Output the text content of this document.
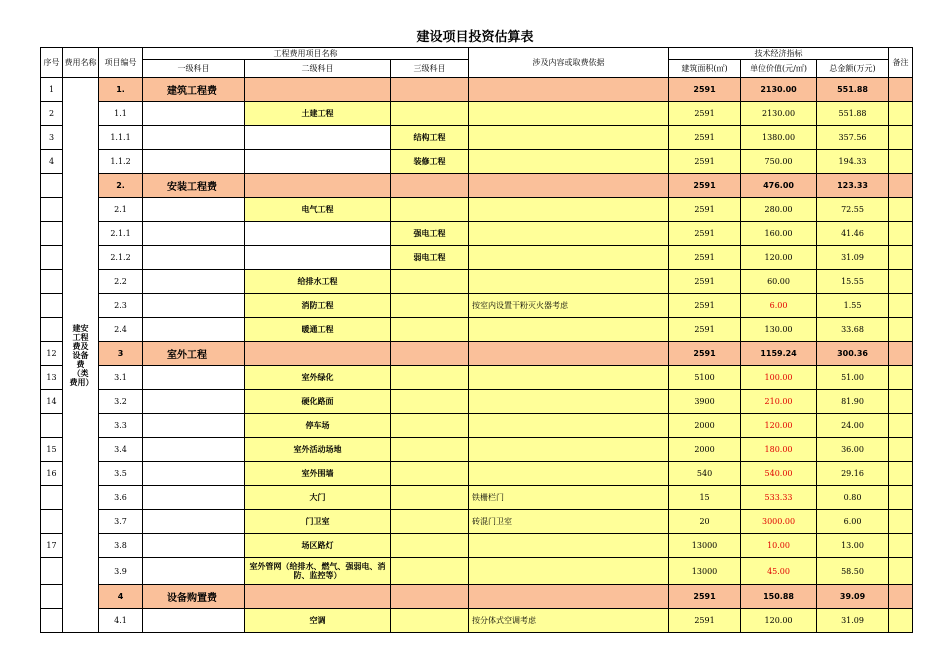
建设项目投资估算表
序号	费用名称	项目编号	工程费用项目名称			涉及内容或取费依据	技术经济指标			备注
			一级科目	二级科目	三级科目		建筑面积(㎡)	单位价值(元/㎡)	总金额(万元)	
1	建安工程费及设备费（类费用）	1.	建筑工程费				2591	2130.00	551.88	
2		1.1		土建工程			2591	2130.00	551.88	
3		1.1.1			结构工程		2591	1380.00	357.56	
4		1.1.2			装修工程		2591	750.00	194.33	
		2.	安装工程费				2591	476.00	123.33	
		2.1		电气工程			2591	280.00	72.55	
		2.1.1			强电工程		2591	160.00	41.46	
		2.1.2			弱电工程		2591	120.00	31.09	
		2.2		给排水工程			2591	60.00	15.55	
		2.3		消防工程		按室内设置干粉灭火器考虑	2591	6.00	1.55	
		2.4		暖通工程			2591	130.00	33.68	
12		3	室外工程				2591	1159.24	300.36	
13		3.1		室外绿化			5100	100.00	51.00	
14		3.2		硬化路面			3900	210.00	81.90	
		3.3		停车场			2000	120.00	24.00	
15		3.4		室外活动场地			2000	180.00	36.00	
16		3.5		室外围墙			540	540.00	29.16	
		3.6		大门		铁栅栏门	15	533.33	0.80	
		3.7		门卫室		砖混门卫室	20	3000.00	6.00	
17		3.8		场区路灯			13000	10.00	13.00	
		3.9		室外管网（给排水、燃气、强弱电、消防、监控等）			13000	45.00	58.50	
		4	设备购置费				2591	150.88	39.09	
		4.1		空调		按分体式空调考虑	2591	120.00	31.09	
